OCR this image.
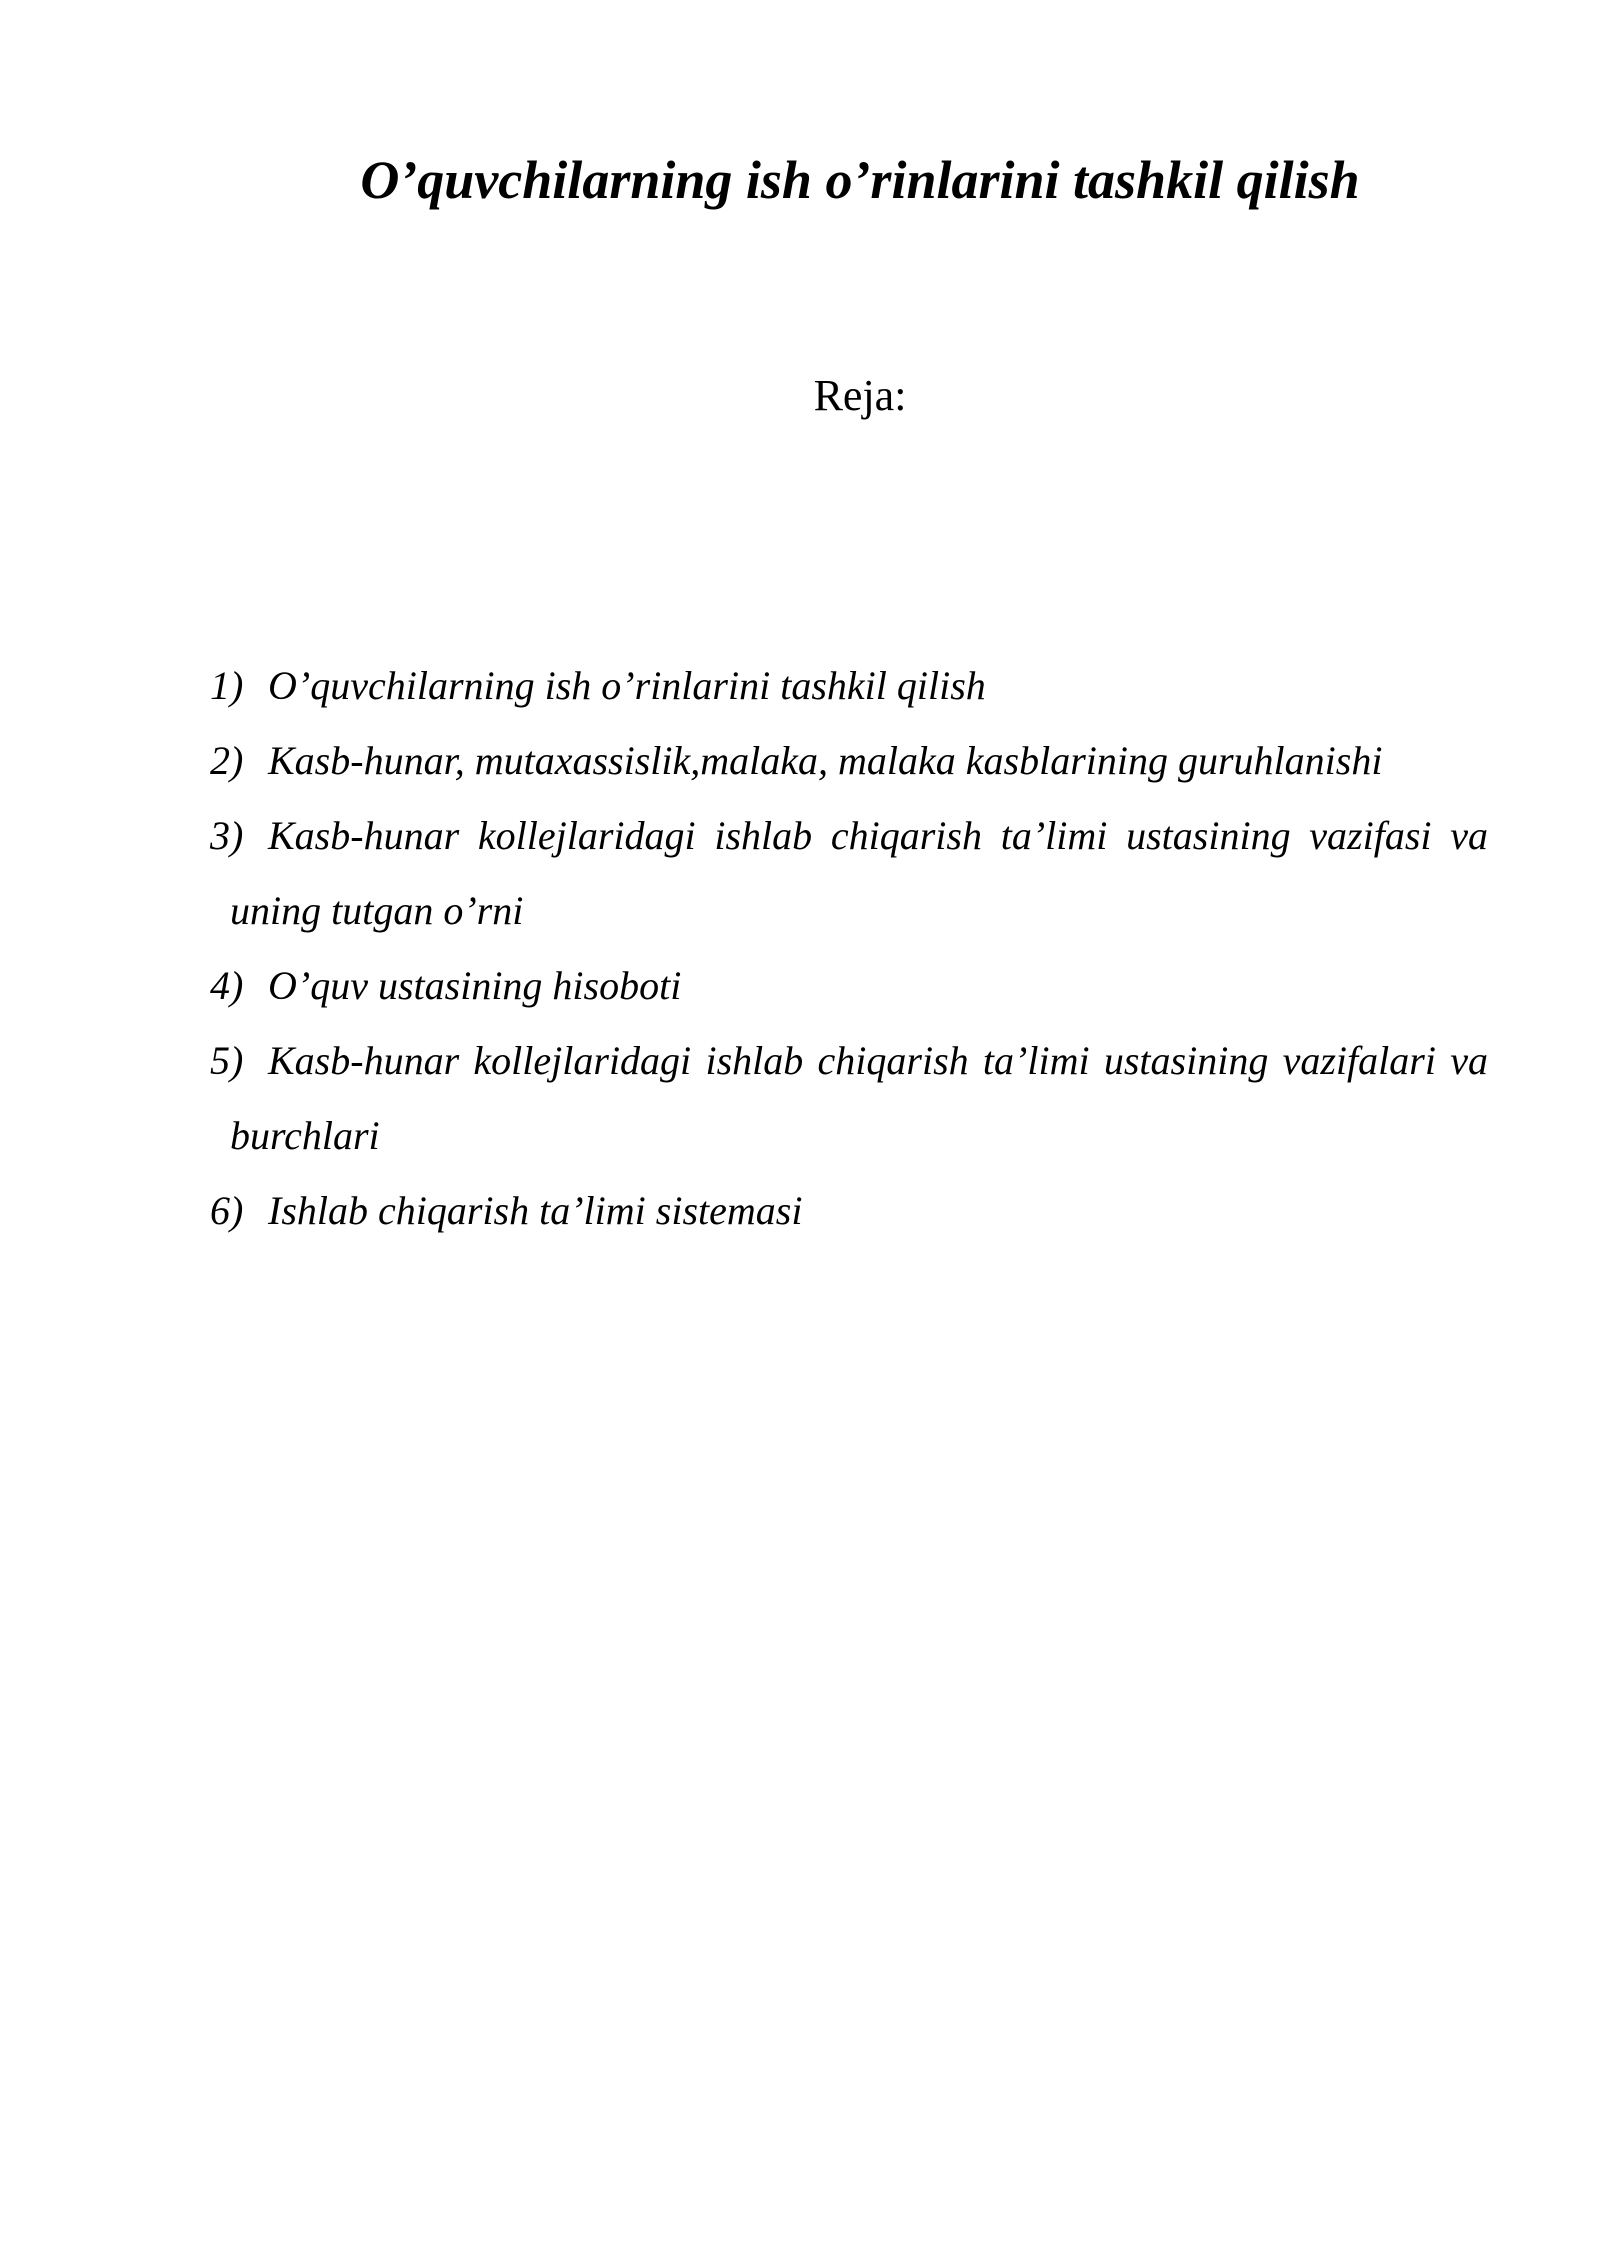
O’quvchilarning ish o’rinlarini tashkil qilish

Reja:

1) O’quvchilarning ish o’rinlarini tashkil qilish
2) Kasb-hunar, mutaxassislik,malaka, malaka kasblarining guruhlanishi
3) Kasb-hunar kollejlaridagi ishlab chiqarish ta’limi ustasining vazifasi va uning tutgan o’rni
4) O’quv ustasining hisoboti
5) Kasb-hunar kollejlaridagi ishlab chiqarish ta’limi ustasining vazifalari va burchlari
6) Ishlab chiqarish ta’limi sistemasi
